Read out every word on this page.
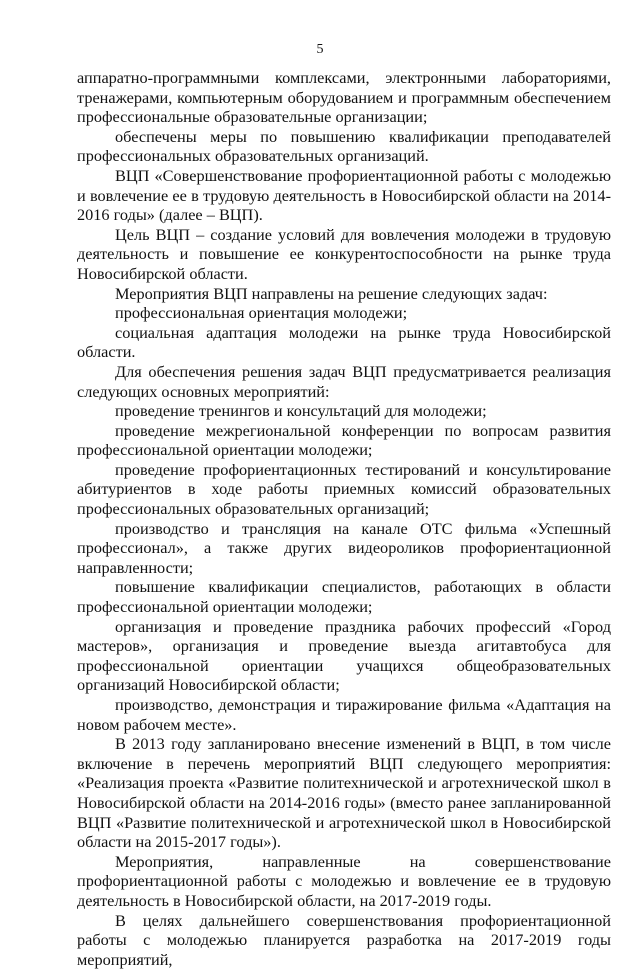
5

аппаратно-программными комплексами, электронными лабораториями, тренажерами, компьютерным оборудованием и программным обеспечением профессиональные образовательные организации;

обеспечены меры по повышению квалификации преподавателей профессиональных образовательных организаций.

ВЦП «Совершенствование профориентационной работы с молодежью и вовлечение ее в трудовую деятельность в Новосибирской области на 2014-2016 годы» (далее – ВЦП).

Цель ВЦП – создание условий для вовлечения молодежи в трудовую деятельность и повышение ее конкурентоспособности на рынке труда Новосибирской области.

Мероприятия ВЦП направлены на решение следующих задач:

профессиональная ориентация молодежи;

социальная адаптация молодежи на рынке труда Новосибирской области.

Для обеспечения решения задач ВЦП предусматривается реализация следующих основных мероприятий:

проведение тренингов и консультаций для молодежи;

проведение межрегиональной конференции по вопросам развития профессиональной ориентации молодежи;

проведение профориентационных тестирований и консультирование абитуриентов в ходе работы приемных комиссий образовательных профессиональных образовательных организаций;

производство и трансляция на канале ОТС фильма «Успешный профессионал», а также других видеороликов профориентационной направленности;

повышение квалификации специалистов, работающих в области профессиональной ориентации молодежи;

организация и проведение праздника рабочих профессий «Город мастеров», организация и проведение выезда агитавтобуса для профессиональной ориентации учащихся общеобразовательных организаций Новосибирской области;

производство, демонстрация и тиражирование фильма «Адаптация на новом рабочем месте».

В 2013 году запланировано внесение изменений в ВЦП, в том числе включение в перечень мероприятий ВЦП следующего мероприятия: «Реализация проекта «Развитие политехнической и агротехнической школ в Новосибирской области на 2014-2016 годы» (вместо ранее запланированной ВЦП «Развитие политехнической и агротехнической школ в Новосибирской области на 2015-2017 годы»).

Мероприятия, направленные на совершенствование профориентационной работы с молодежью и вовлечение ее в трудовую деятельность в Новосибирской области, на 2017-2019 годы.

В целях дальнейшего совершенствования профориентационной работы с молодежью планируется разработка на 2017-2019 годы мероприятий,
